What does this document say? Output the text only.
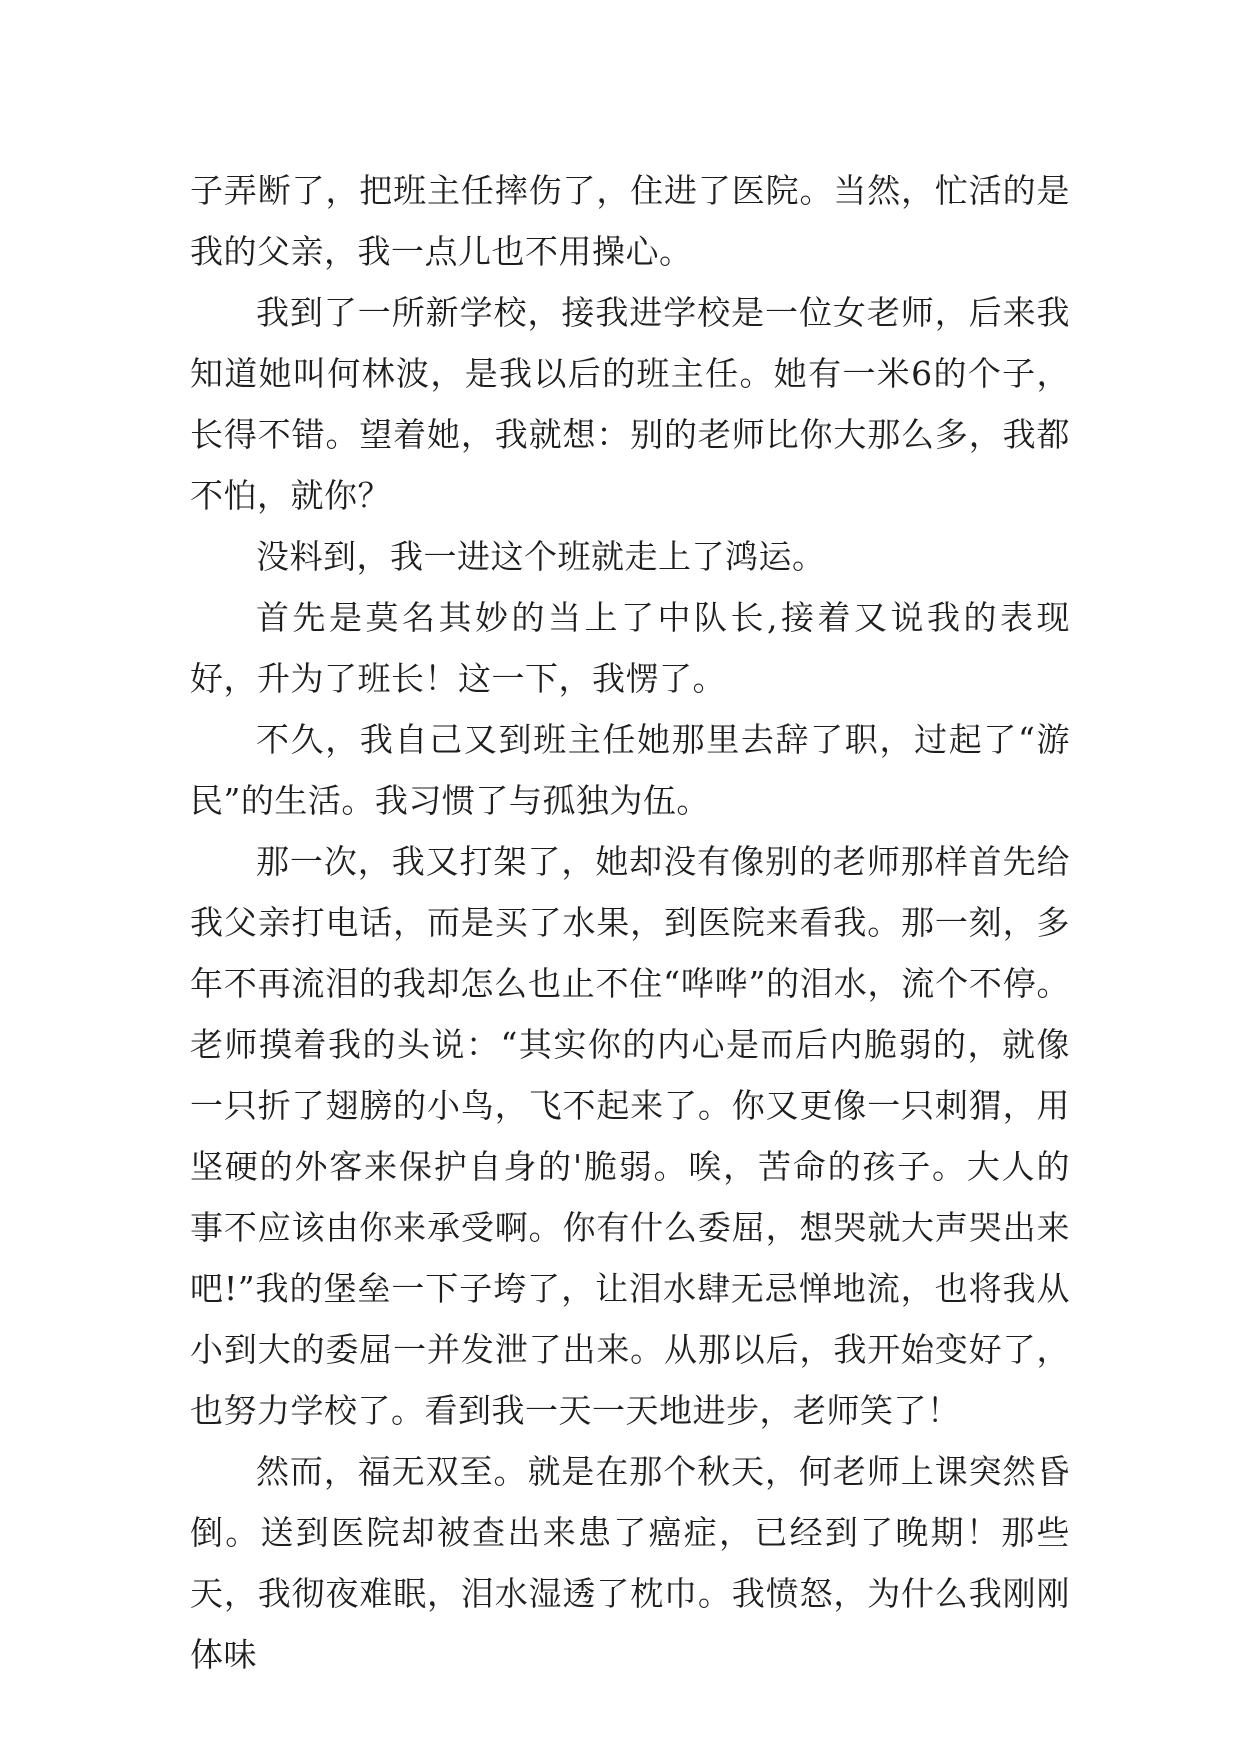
子弄断了，把班主任摔伤了，住进了医院。当然，忙活的是我的父亲，我一点儿也不用操心。

我到了一所新学校，接我进学校是一位女老师，后来我知道她叫何林波，是我以后的班主任。她有一米6的个子，长得不错。望着她，我就想：别的老师比你大那么多，我都不怕，就你？

没料到，我一进这个班就走上了鸿运。

首先是莫名其妙的当上了中队长,接着又说我的表现好，升为了班长！这一下，我愣了。

不久，我自己又到班主任她那里去辞了职，过起了“游民”的生活。我习惯了与孤独为伍。

那一次，我又打架了，她却没有像别的老师那样首先给我父亲打电话，而是买了水果，到医院来看我。那一刻，多年不再流泪的我却怎么也止不住“哗哗”的泪水，流个不停。老师摸着我的头说：“其实你的内心是而后内脆弱的，就像一只折了翅膀的小鸟，飞不起来了。你又更像一只刺猬，用坚硬的外客来保护自身的'脆弱。唉，苦命的孩子。大人的事不应该由你来承受啊。你有什么委屈，想哭就大声哭出来吧!”我的堡垒一下子垮了，让泪水肆无忌惮地流，也将我从小到大的委屈一并发泄了出来。从那以后，我开始变好了，也努力学校了。看到我一天一天地进步，老师笑了！

然而，福无双至。就是在那个秋天，何老师上课突然昏倒。送到医院却被查出来患了癌症，已经到了晚期！那些天，我彻夜难眠，泪水湿透了枕巾。我愤怒，为什么我刚刚体味
